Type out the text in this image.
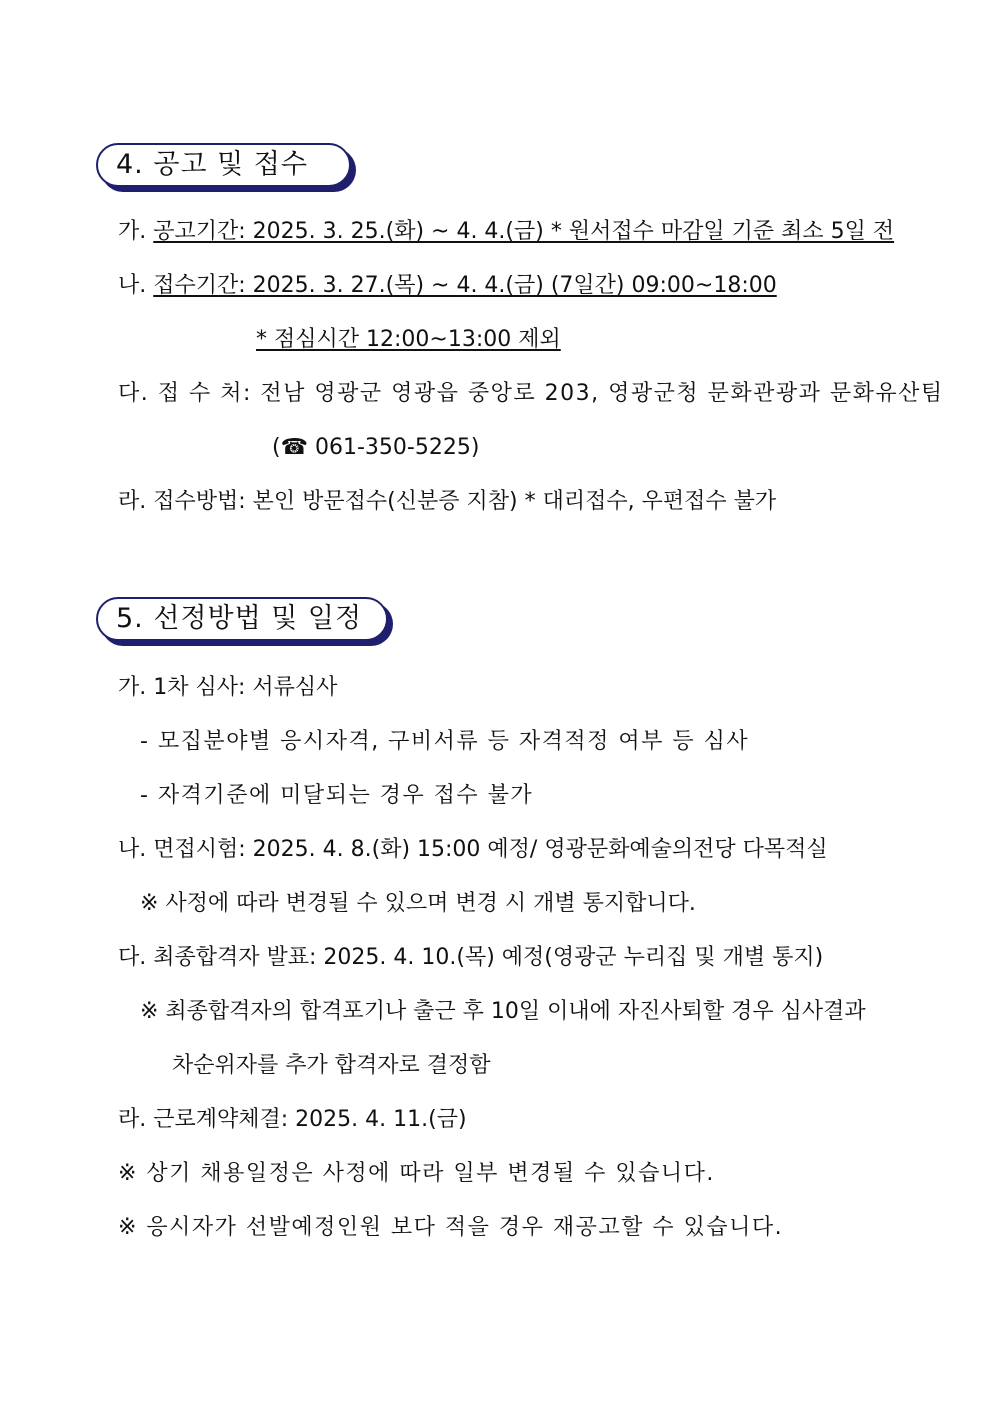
4. 공고 및 접수
가. 공고기간: 2025. 3. 25.(화) ~ 4. 4.(금) * 원서접수 마감일 기준 최소 5일 전
나. 접수기간: 2025. 3. 27.(목) ~ 4. 4.(금) (7일간) 09:00~18:00
* 점심시간 12:00~13:00 제외
다. 접 수 처: 전남 영광군 영광읍 중앙로 203, 영광군청 문화관광과 문화유산팀
(☎ 061-350-5225)
라. 접수방법: 본인 방문접수(신분증 지참) * 대리접수, 우편접수 불가
5. 선정방법 및 일정
가. 1차 심사: 서류심사
- 모집분야별 응시자격, 구비서류 등 자격적정 여부 등 심사
- 자격기준에 미달되는 경우 접수 불가
나. 면접시험: 2025. 4. 8.(화) 15:00 예정/ 영광문화예술의전당 다목적실
※ 사정에 따라 변경될 수 있으며 변경 시 개별 통지합니다.
다. 최종합격자 발표: 2025. 4. 10.(목) 예정(영광군 누리집 및 개별 통지)
※ 최종합격자의 합격포기나 출근 후 10일 이내에 자진사퇴할 경우 심사결과
차순위자를 추가 합격자로 결정함
라. 근로계약체결: 2025. 4. 11.(금)
※ 상기 채용일정은 사정에 따라 일부 변경될 수 있습니다.
※ 응시자가 선발예정인원 보다 적을 경우 재공고할 수 있습니다.
